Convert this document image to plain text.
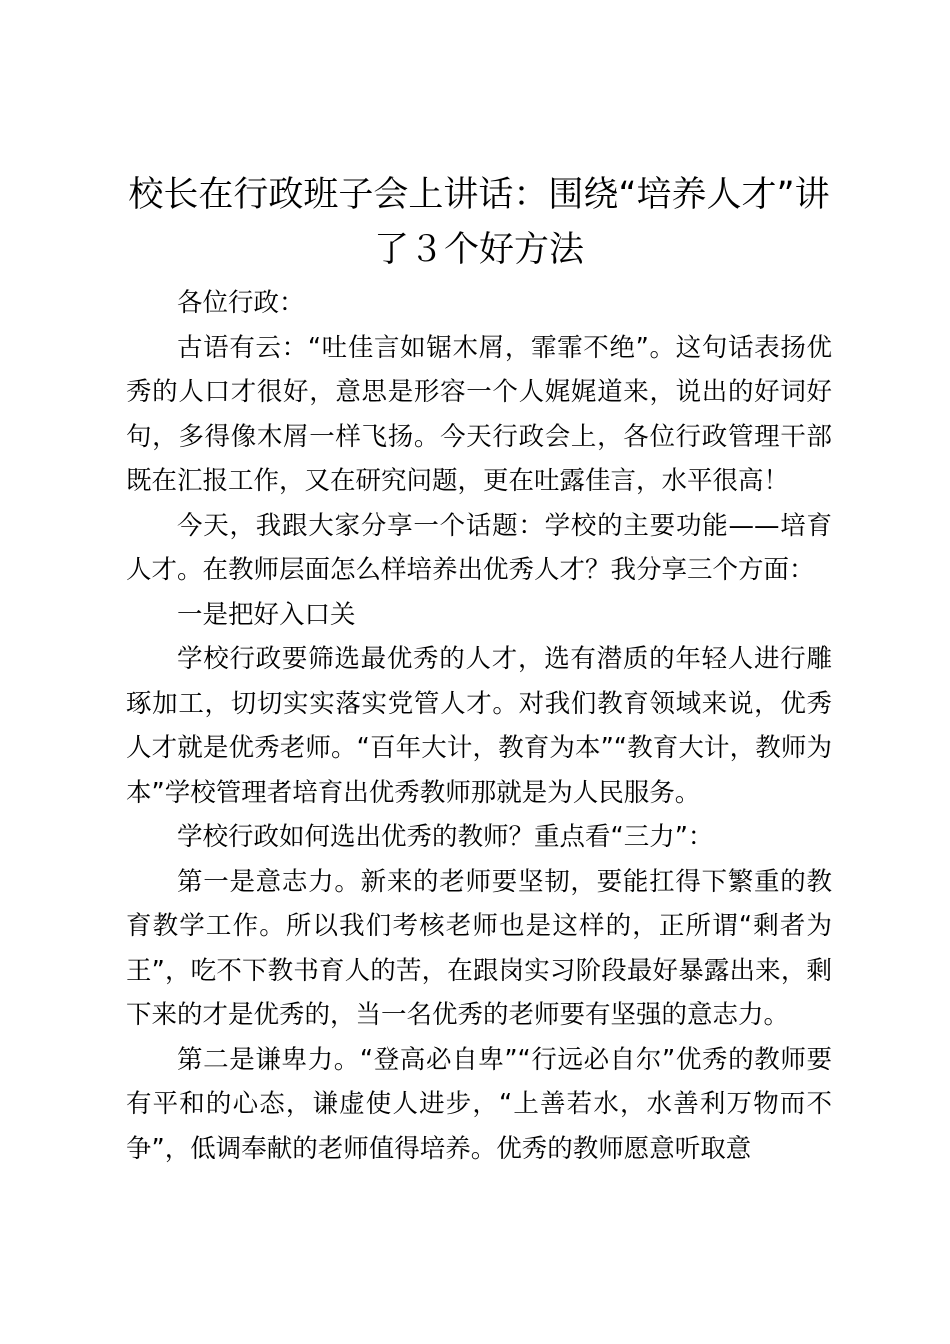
校长在行政班子会上讲话：围绕“培养人才”讲了３个好方法

各位行政：

古语有云：“吐佳言如锯木屑，霏霏不绝”。这句话表扬优秀的人口才很好，意思是形容一个人娓娓道来，说出的好词好句，多得像木屑一样飞扬。今天行政会上，各位行政管理干部既在汇报工作，又在研究问题，更在吐露佳言，水平很高！

今天，我跟大家分享一个话题：学校的主要功能——培育人才。在教师层面怎么样培养出优秀人才？我分享三个方面：

一是把好入口关

学校行政要筛选最优秀的人才，选有潜质的年轻人进行雕琢加工，切切实实落实党管人才。对我们教育领域来说，优秀人才就是优秀老师。“百年大计，教育为本”“教育大计，教师为本”学校管理者培育出优秀教师那就是为人民服务。

学校行政如何选出优秀的教师？重点看“三力”：

第一是意志力。新来的老师要坚韧，要能扛得下繁重的教育教学工作。所以我们考核老师也是这样的，正所谓“剩者为王”，吃不下教书育人的苦，在跟岗实习阶段最好暴露出来，剩下来的才是优秀的，当一名优秀的老师要有坚强的意志力。

第二是谦卑力。“登高必自卑”“行远必自尔”优秀的教师要有平和的心态，谦虚使人进步，“上善若水，水善利万物而不争”，低调奉献的老师值得培养。优秀的教师愿意听取意
